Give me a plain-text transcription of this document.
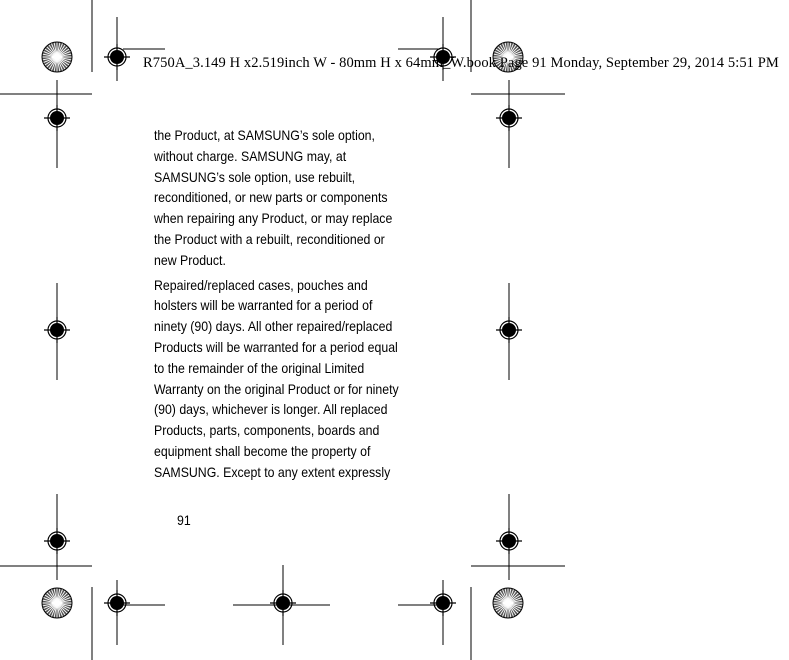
R750A_3.149 H x2.519inch W - 80mm H x 64mm_W.book Page 91 Monday, September 29, 2014 5:51 PM

the Product, at SAMSUNG’s sole option,
without charge. SAMSUNG may, at
SAMSUNG’s sole option, use rebuilt,
reconditioned, or new parts or components
when repairing any Product, or may replace
the Product with a rebuilt, reconditioned or
new Product.

Repaired/replaced cases, pouches and
holsters will be warranted for a period of
ninety (90) days. All other repaired/replaced
Products will be warranted for a period equal
to the remainder of the original Limited
Warranty on the original Product or for ninety
(90) days, whichever is longer. All replaced
Products, parts, components, boards and
equipment shall become the property of
SAMSUNG. Except to any extent expressly

91
